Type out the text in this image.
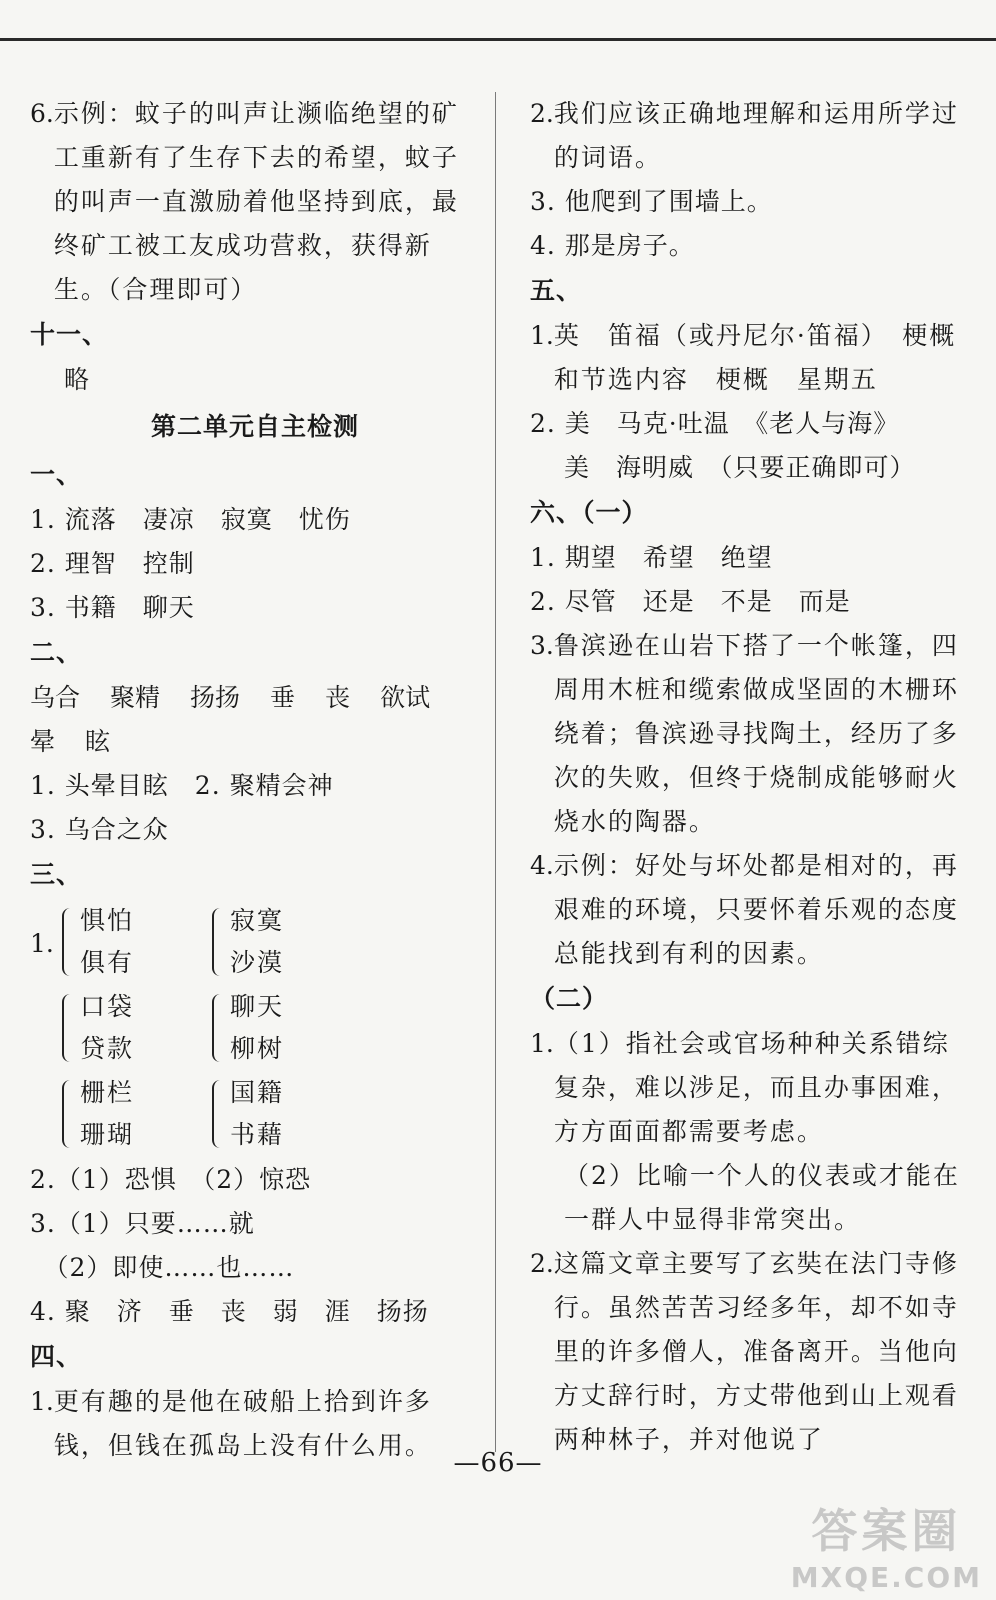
6. 示例：蚊子的叫声让濒临绝望的矿工重新有了生存下去的希望，蚊子的叫声一直激励着他坚持到底，最终矿工被工友成功营救，获得新生。（合理即可）
十一、
略
第二单元自主检测
一、
1. 流落　凄凉　寂寞　忧伤
2. 理智　控制
3. 书籍　聊天
二、
乌合 聚精 扬扬 垂 丧 欲试
晕 眩
1. 头晕目眩　2. 聚精会神
3. 乌合之众
三、
1.
惧怕
俱有
寂寞
沙漠
口袋
贷款
聊天
柳树
栅栏
珊瑚
国籍
书藉
2.（1）恐惧　（2）惊恐
3.（1）只要……就
　（2）即使……也……
4. 聚　济　垂　丧　弱　涯　扬扬
四、
1. 更有趣的是他在破船上拾到许多钱，但钱在孤岛上没有什么用。
2. 我们应该正确地理解和运用所学过的词语。
3. 他爬到了围墙上。
4. 那是房子。
五、
1. 英　笛福（或丹尼尔·笛福）　梗概和节选内容　梗概　星期五
2. 美　马克·吐温　《老人与海》
美　海明威　（只要正确即可）
六、（一）
1. 期望　希望　绝望
2. 尽管　还是　不是　而是
3. 鲁滨逊在山岩下搭了一个帐篷，四周用木桩和缆索做成坚固的木栅环绕着；鲁滨逊寻找陶土，经历了多次的失败，但终于烧制成能够耐火烧水的陶器。
4. 示例：好处与坏处都是相对的，再艰难的环境，只要怀着乐观的态度总能找到有利的因素。
（二）
1. （1）指社会或官场种种关系错综复杂，难以涉足，而且办事困难，方方面面都需要考虑。
（2）比喻一个人的仪表或才能在一群人中显得非常突出。
2. 这篇文章主要写了玄奘在法门寺修行。虽然苦苦习经多年，却不如寺里的许多僧人，准备离开。当他向方丈辞行时，方丈带他到山上观看两种林子，并对他说了
—66—
答案圈
MXQE.COM
